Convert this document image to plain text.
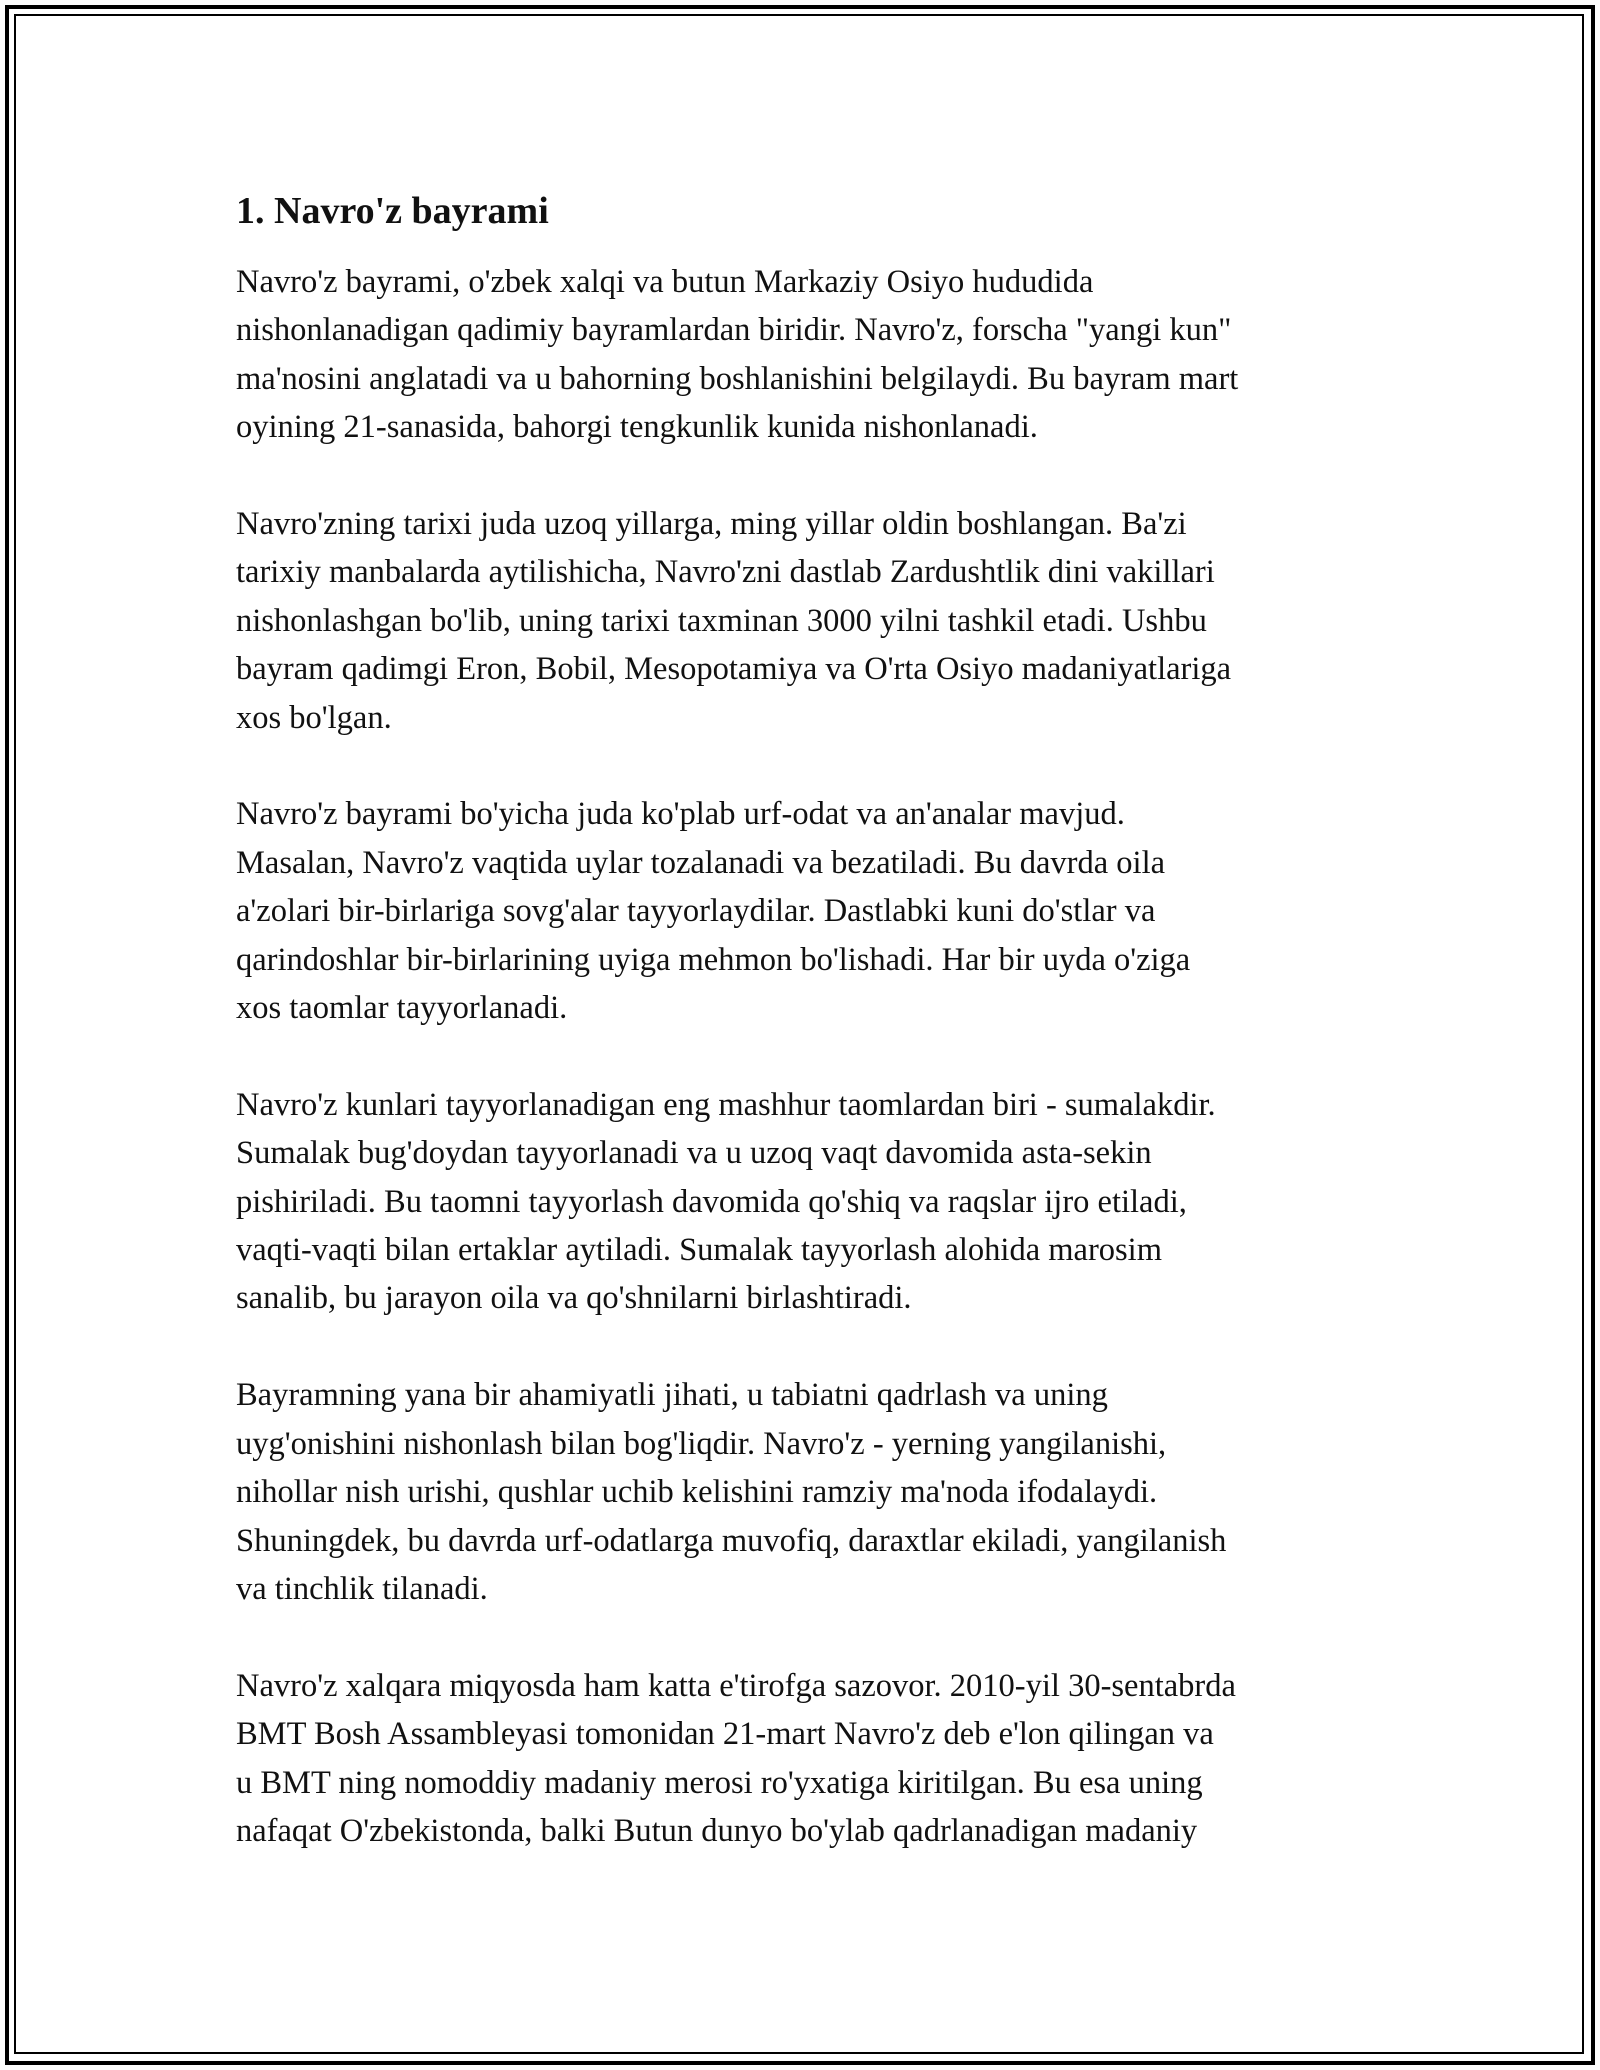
1. Navro'z bayrami
Navro'z bayrami, o'zbek xalqi va butun Markaziy Osiyo hududida
nishonlanadigan qadimiy bayramlardan biridir. Navro'z, forscha "yangi kun"
ma'nosini anglatadi va u bahorning boshlanishini belgilaydi. Bu bayram mart
oyining 21-sanasida, bahorgi tengkunlik kunida nishonlanadi.
Navro'zning tarixi juda uzoq yillarga, ming yillar oldin boshlangan. Ba'zi
tarixiy manbalarda aytilishicha, Navro'zni dastlab Zardushtlik dini vakillari
nishonlashgan bo'lib, uning tarixi taxminan 3000 yilni tashkil etadi. Ushbu
bayram qadimgi Eron, Bobil, Mesopotamiya va O'rta Osiyo madaniyatlariga
xos bo'lgan.
Navro'z bayrami bo'yicha juda ko'plab urf-odat va an'analar mavjud.
Masalan, Navro'z vaqtida uylar tozalanadi va bezatiladi. Bu davrda oila
a'zolari bir-birlariga sovg'alar tayyorlaydilar. Dastlabki kuni do'stlar va
qarindoshlar bir-birlarining uyiga mehmon bo'lishadi. Har bir uyda o'ziga
xos taomlar tayyorlanadi.
Navro'z kunlari tayyorlanadigan eng mashhur taomlardan biri - sumalakdir.
Sumalak bug'doydan tayyorlanadi va u uzoq vaqt davomida asta-sekin
pishiriladi. Bu taomni tayyorlash davomida qo'shiq va raqslar ijro etiladi,
vaqti-vaqti bilan ertaklar aytiladi. Sumalak tayyorlash alohida marosim
sanalib, bu jarayon oila va qo'shnilarni birlashtiradi.
Bayramning yana bir ahamiyatli jihati, u tabiatni qadrlash va uning
uyg'onishini nishonlash bilan bog'liqdir. Navro'z - yerning yangilanishi,
nihollar nish urishi, qushlar uchib kelishini ramziy ma'noda ifodalaydi.
Shuningdek, bu davrda urf-odatlarga muvofiq, daraxtlar ekiladi, yangilanish
va tinchlik tilanadi.
Navro'z xalqara miqyosda ham katta e'tirofga sazovor. 2010-yil 30-sentabrda
BMT Bosh Assambleyasi tomonidan 21-mart Navro'z deb e'lon qilingan va
u BMT ning nomoddiy madaniy merosi ro'yxatiga kiritilgan. Bu esa uning
nafaqat O'zbekistonda, balki Butun dunyo bo'ylab qadrlanadigan madaniy
